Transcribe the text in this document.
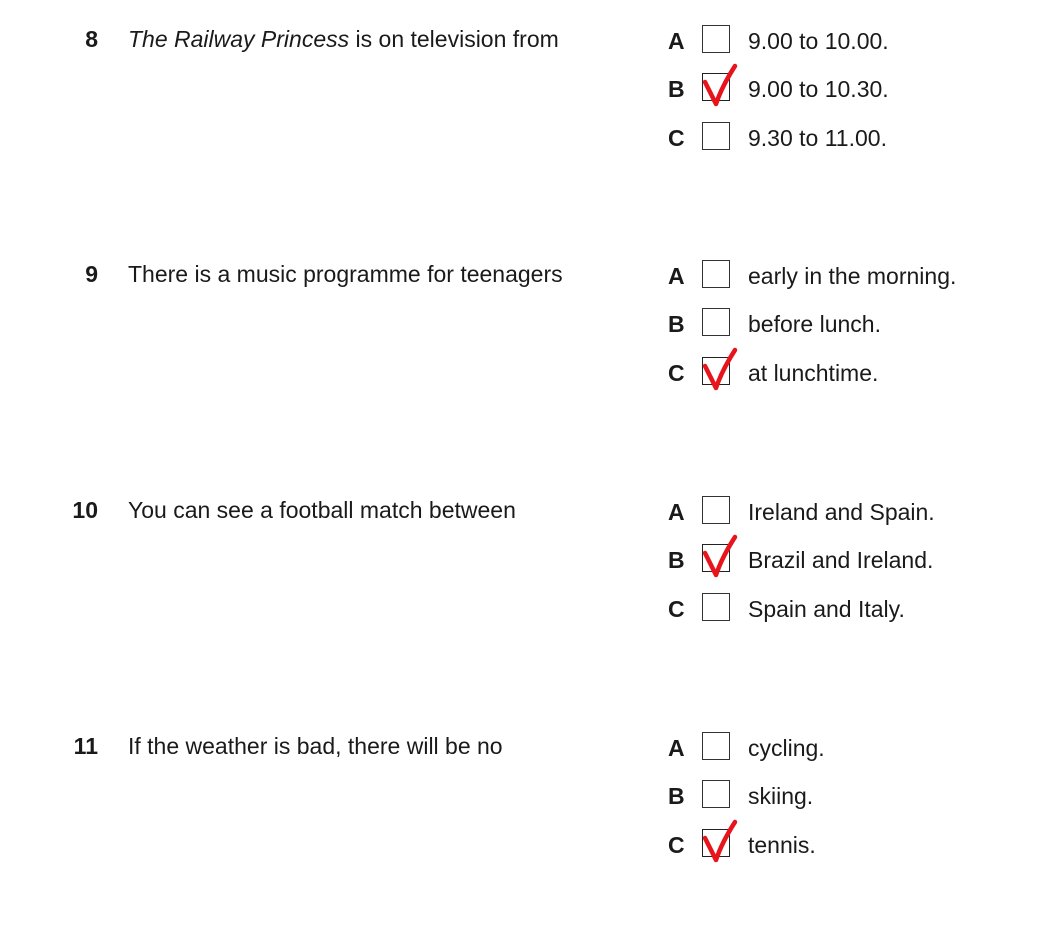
8 The Railway Princess is on television from	A	9.00 to 10.00.
B	9.00 to 10.30.
C	9.30 to 11.00.
9 There is a music programme for teenagers	A	early in the morning.
B	before lunch.
C	at lunchtime.
10 You can see a football match between	A	Ireland and Spain.
B	Brazil and Ireland.
C	Spain and Italy.
11 If the weather is bad, there will be no	A	cycling.
B	skiing.
C	tennis.
